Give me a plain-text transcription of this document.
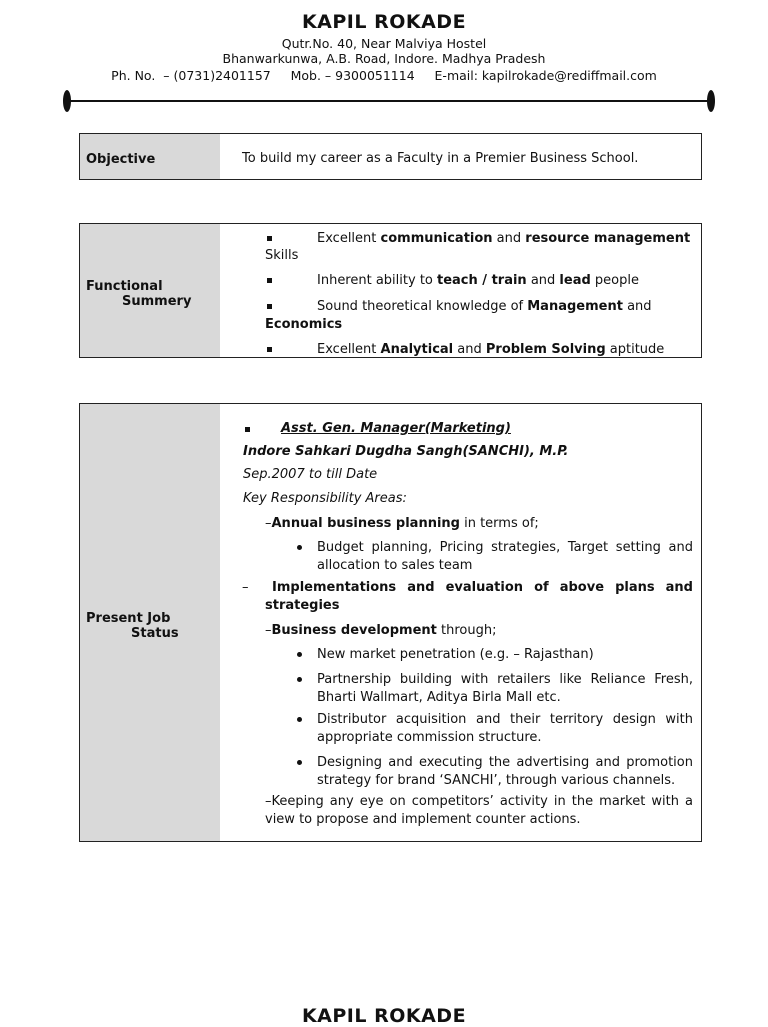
KAPIL ROKADE
Qutr.No. 40, Near Malviya Hostel
Bhanwarkunwa, A.B. Road, Indore. Madhya Pradesh
Ph. No.  – (0731)2401157     Mob. – 9300051114     E-mail: kapilrokade@rediffmail.com
Objective	To build my career as a Faculty in a Premier Business School.
Functional
Summery
Excellent communication and resource management
Skills
Inherent ability to teach / train and lead people
Sound theoretical knowledge of Management and
Economics
Excellent Analytical and Problem Solving aptitude
Present Job
Status
Asst. Gen. Manager(Marketing)
Indore Sahkari Dugdha Sangh(SANCHI), M.P.
Sep.2007 to till Date
Key Responsibility Areas:
–Annual business planning in terms of;
Budget planning, Pricing strategies, Target setting and
allocation to sales team
– Implementations and evaluation of above plans and
strategies
–Business development through;
New market penetration (e.g. – Rajasthan)
Partnership building with retailers like Reliance Fresh,
Bharti Wallmart, Aditya Birla Mall etc.
Distributor acquisition and their territory design with
appropriate commission structure.
Designing and executing the advertising and promotion
strategy for brand ‘SANCHI’, through various channels.
–Keeping any eye on competitors’ activity in the market with a
view to propose and implement counter actions.
KAPIL ROKADE
